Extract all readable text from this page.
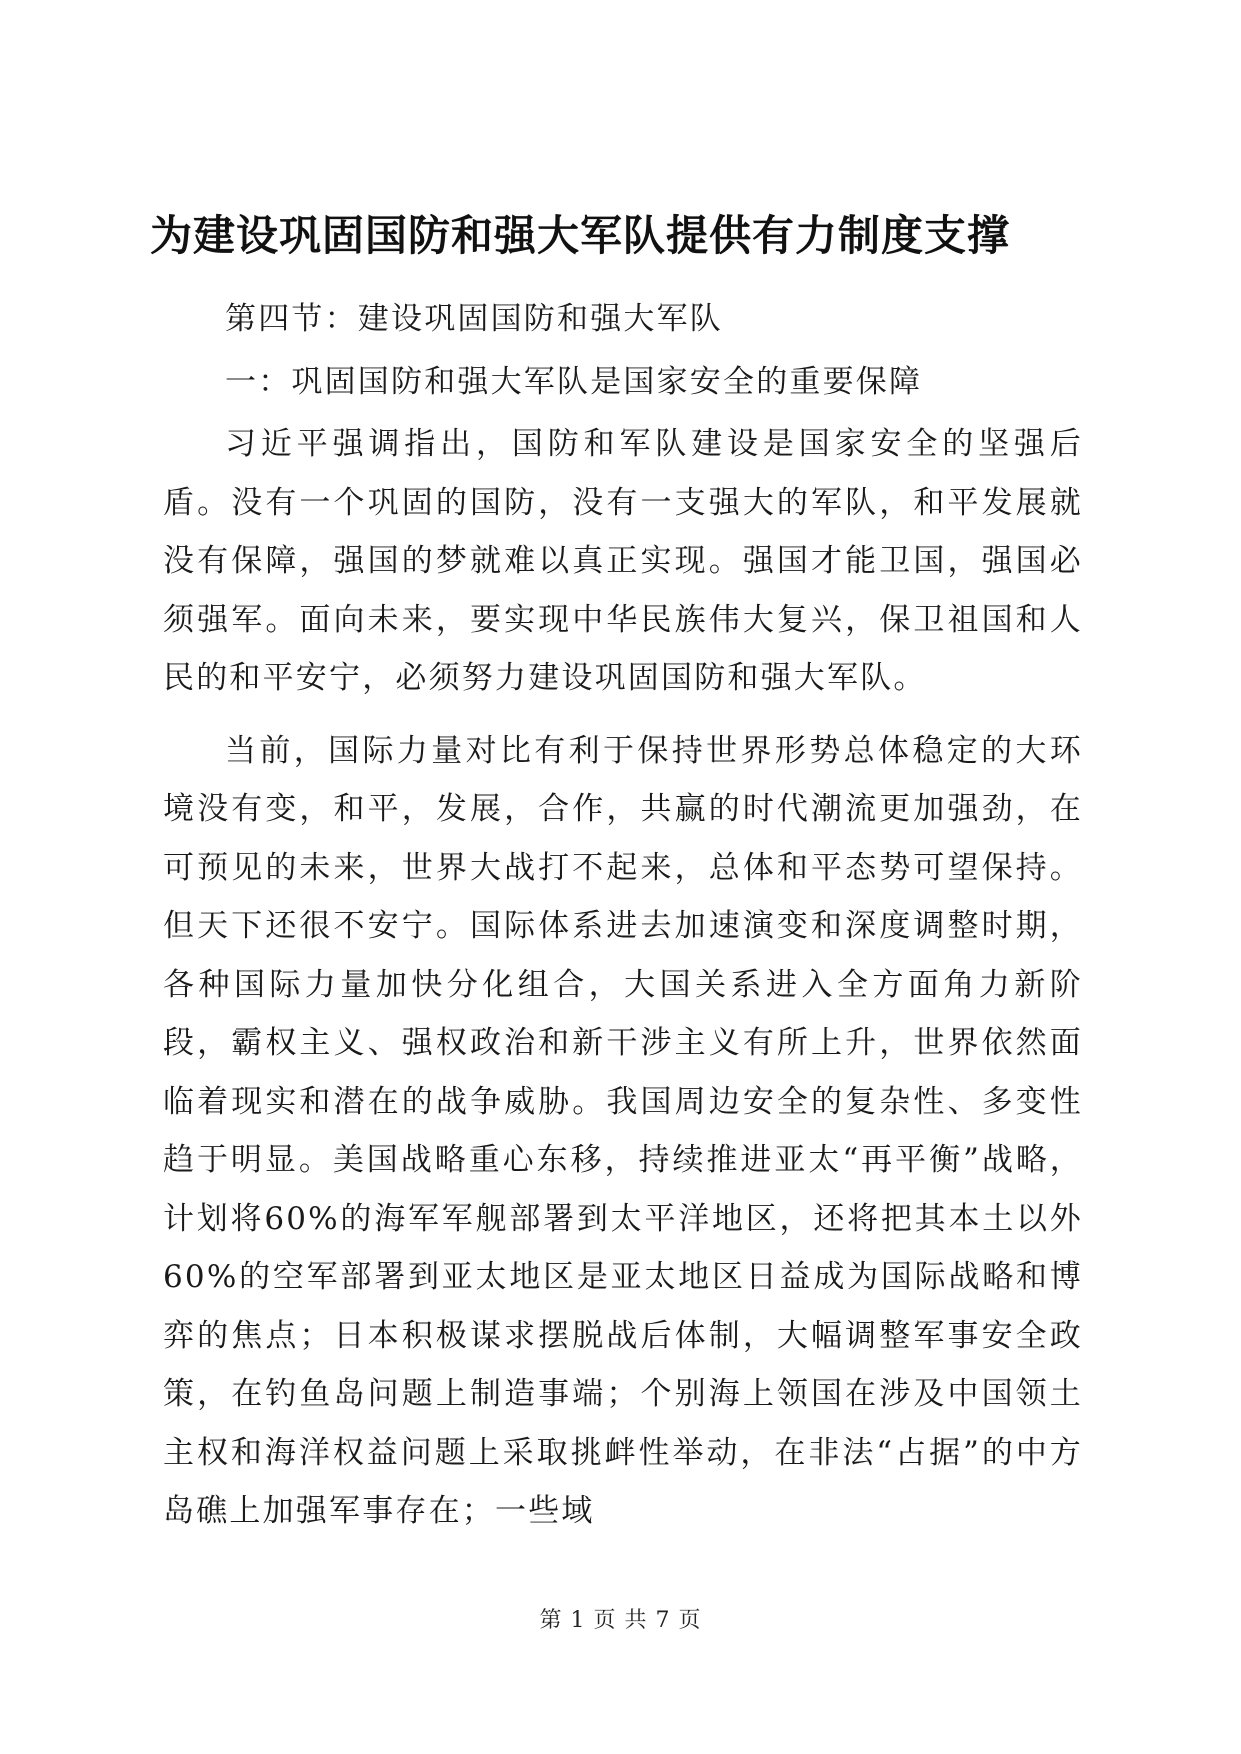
为建设巩固国防和强大军队提供有力制度支撑

第四节：建设巩固国防和强大军队

一：巩固国防和强大军队是国家安全的重要保障

习近平强调指出，国防和军队建设是国家安全的坚强后盾。没有一个巩固的国防，没有一支强大的军队，和平发展就没有保障，强国的梦就难以真正实现。强国才能卫国，强国必须强军。面向未来，要实现中华民族伟大复兴，保卫祖国和人民的和平安宁，必须努力建设巩固国防和强大军队。

当前，国际力量对比有利于保持世界形势总体稳定的大环境没有变，和平，发展，合作，共赢的时代潮流更加强劲，在可预见的未来，世界大战打不起来，总体和平态势可望保持。但天下还很不安宁。国际体系进去加速演变和深度调整时期，各种国际力量加快分化组合，大国关系进入全方面角力新阶段，霸权主义、强权政治和新干涉主义有所上升，世界依然面临着现实和潜在的战争威胁。我国周边安全的复杂性、多变性趋于明显。美国战略重心东移，持续推进亚太“再平衡”战略，计划将60%的海军军舰部署到太平洋地区，还将把其本土以外60%的空军部署到亚太地区是亚太地区日益成为国际战略和博弈的焦点；日本积极谋求摆脱战后体制，大幅调整军事安全政策，在钓鱼岛问题上制造事端；个别海上领国在涉及中国领土主权和海洋权益问题上采取挑衅性举动，在非法“占据”的中方岛礁上加强军事存在；一些域

第 1 页 共 7 页
